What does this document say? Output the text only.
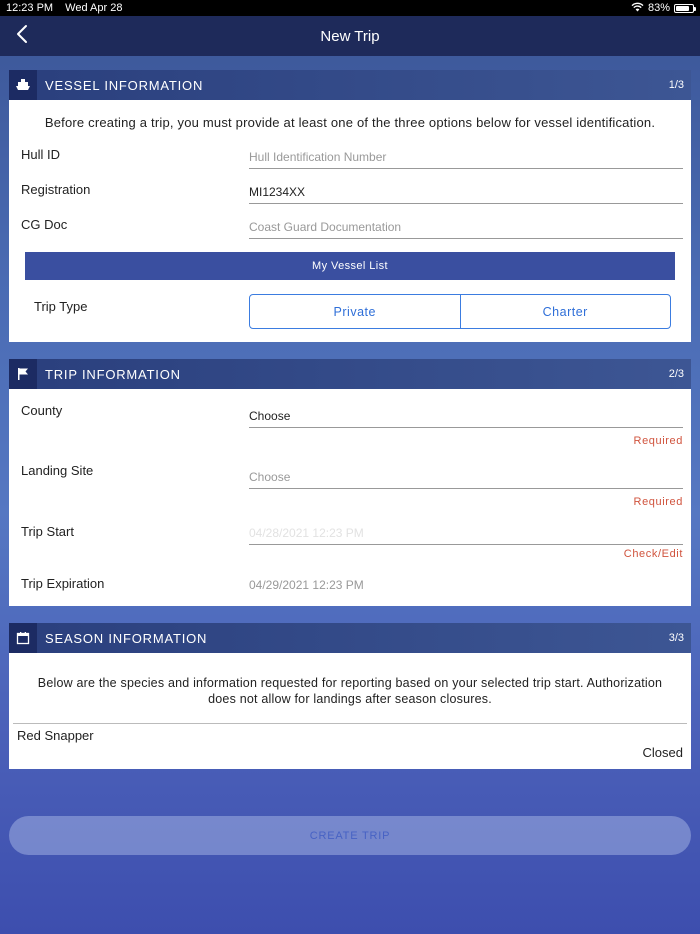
12:23 PM Wed Apr 28	83%
New Trip
VESSEL INFORMATION	1/3
Before creating a trip, you must provide at least one of the three options below for vessel identification.
Hull ID
Hull Identification Number
Registration
MI1234XX
CG Doc
Coast Guard Documentation
My Vessel List
Trip Type	Private	Charter
TRIP INFORMATION	2/3
County	Choose
Required
Landing Site	Choose
Required
Trip Start	04/28/2021 12:23 PM
Check/Edit
Trip Expiration	04/29/2021 12:23 PM
SEASON INFORMATION	3/3
Below are the species and information requested for reporting based on your selected trip start. Authorization does not allow for landings after season closures.
Red Snapper
Closed
CREATE TRIP
